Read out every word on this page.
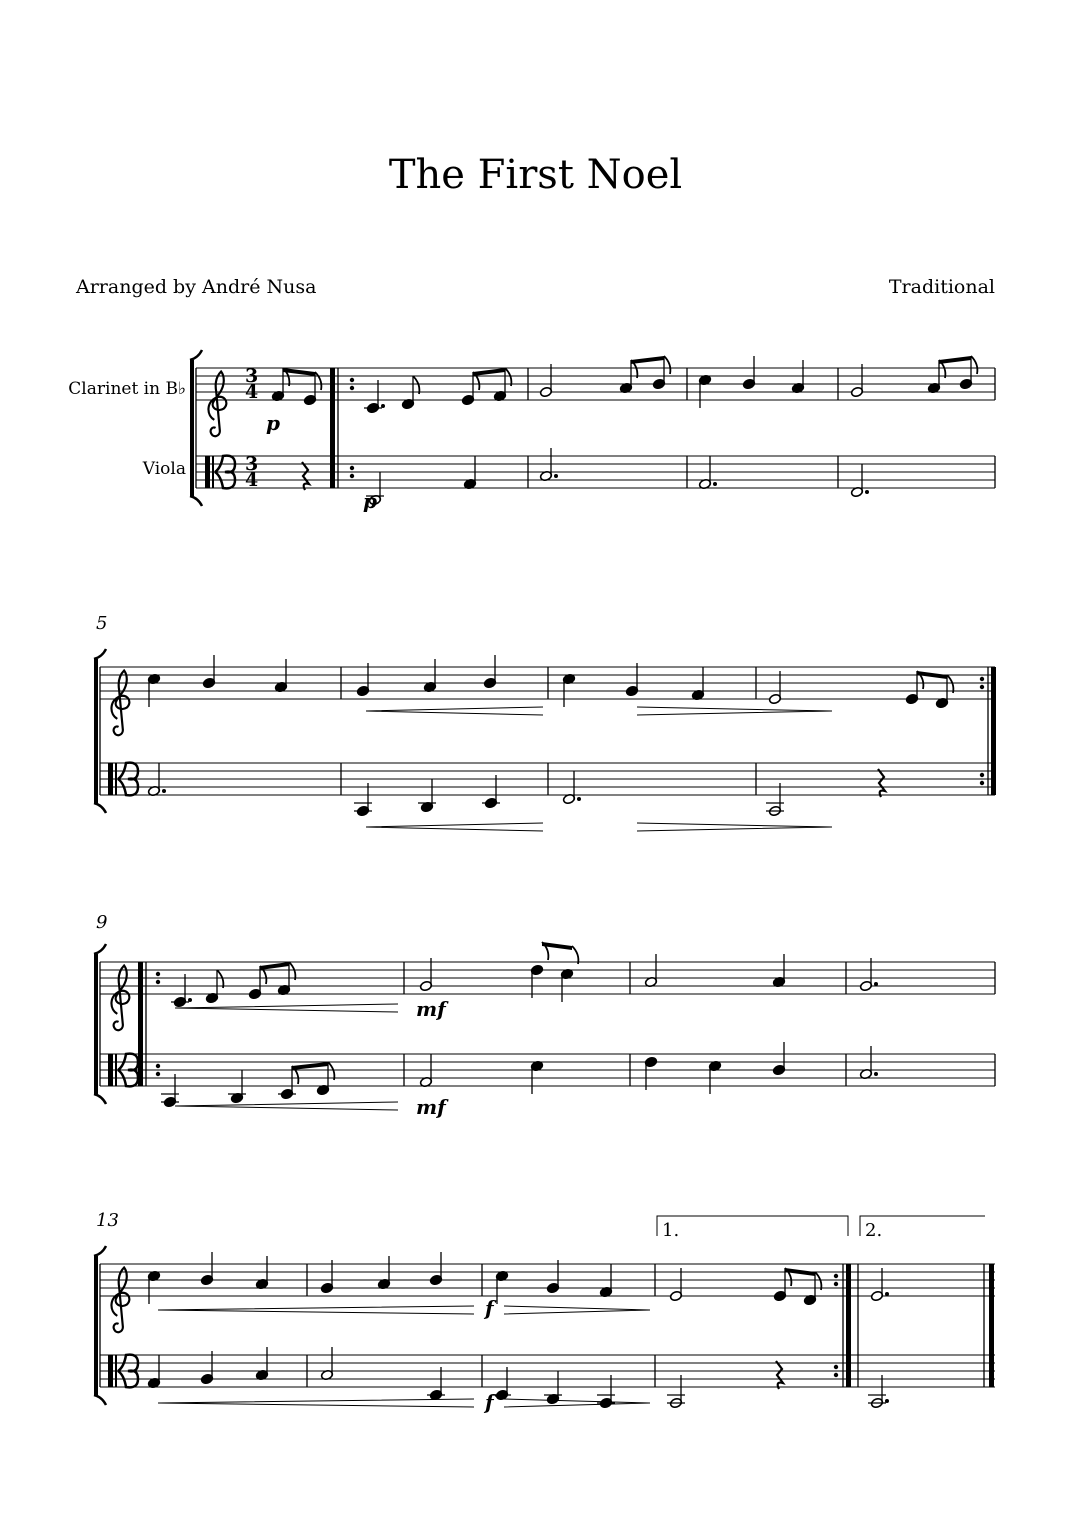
The First Noel
Arranged by André Nusa	Traditional
Clarinet in B♭
Viola
5
9
13
3
4
3
4
p
p
mf
mf
f
f
1.	2.
